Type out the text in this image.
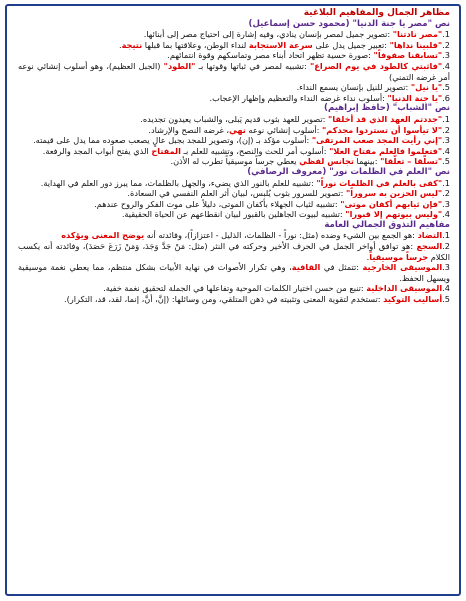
مظاهر الجمال والمفاهيم البلاغية

نص "مصر يا جنة الدنيا" (محمود حسن إسماعيل)

1."مصر نادتنا" :تصوير جميل لمصر بإنسان ينادي، وفيه إشارة إلى احتياج مصر إلى أبنائها.

2."فلبينا نداها" :تعبير جميل يدل على سرعة الاستجابة لنداء الوطن، وعلاقتها بما قبلها نتيجة.

3."تسابقنا صفوفاً" :صورة حسية تظهر اتحاد أبناء مصر وتماسكهم وقوة انتمائهم.

4."فاثبتي كالطود في يوم الصراع" :تشبيه لمصر في ثباتها وقوتها بـ "الطود" (الجبل العظيم)، وهو أسلوب إنشائي نوعه أمر غرضه التمني)

5."يا نيل" :تصوير للنيل بإنسان يسمع النداء.

6."يا جنة الدنيا" :أسلوب نداء غرضه النداء والتعظيم وإظهار الإعجاب.

نص "الشباب" (حافظ إبراهيم)

1."جددتم العهد الذي قد أخلقا" :تصوير للعهد بثوب قديم يَبلى، والشباب يعيدون تجديده.

2."لا تيأسوا أن تستردوا مجدكم" :أسلوب إنشائي نوعه نهي، غرضه النصح والإرشاد.

3."إني رأيت المجد صعب المرتقى" :أسلوب مؤكد بـ (إن)، وتصوير للمجد بجبل عالٍ يصعب صعوده مما يدل على قيمته.

4."فتعلموا فالعلم مفتاح العلا" :أسلوب أمر للحث والنصح، وتشبيه للعلم بـ المفتاح الذي يفتح أبواب المجد والرفعة.

5."تسلّقا – تعلّقا" :بينهما تجانس لفظي يعطي جرساً موسيقياً تطرب له الأذن.

نص "العلم في الظلمات نور" (معروف الرصافي)

1."كفى بالعلم في الظلمات نوراً" :تشبيه للعلم بالنور الذي يضيء، والجهل بالظلمات، مما يبرز دور العلم في الهداية.

2."ليس الحزين به سروراً" :تصوير للسرور بثوب يُلبس، لبيان أثر العلم النفسي في السعادة.

3."فإن ثيابهم أكفان موتى" :تشبيه لثياب الجهلاء بأكفان الموتى، دليلاً على موت الفكر والروح عندهم.

4."وليس بيوتهم إلا قبورا" :تشبيه لبيوت الجاهلين بالقبور لبيان انقطاعهم عن الحياة الحقيقية.

مفاهيم التذوق الجمالي العامة

1.التضاد :هو الجمع بين الشيء وضده (مثل: نوراً - الظلمات، الذليل - اعتزازاً)، وفائدته أنه يوضح المعنى ويؤكده

2.السجع :هو توافق أواخر الجمل في الحرف الأخير وحركته في النثر (مثل: مَنْ جَدَّ وَجَدَ، وَمَنْ زَرَعَ حَصَدَ)، وفائدته أنه يكسب الكلام جرساً موسيقياً.

3.الموسيقى الخارجية :تتمثل في القافية، وهي تكرار الأصوات في نهاية الأبيات بشكل منتظم، مما يعطي نغمة موسيقية ويسهل الحفظ.

4.الموسيقى الداخلية :تنبع من حسن اختيار الكلمات الموحية وتفاعلها في الجملة لتحقيق نغمة خفية.

5.أساليب التوكيد :تستخدم لتقوية المعنى وتثبيته في ذهن المتلقي، ومن وسائلها: (إنَّ، أنَّ، إنما، لقد، قد، التكرار).
